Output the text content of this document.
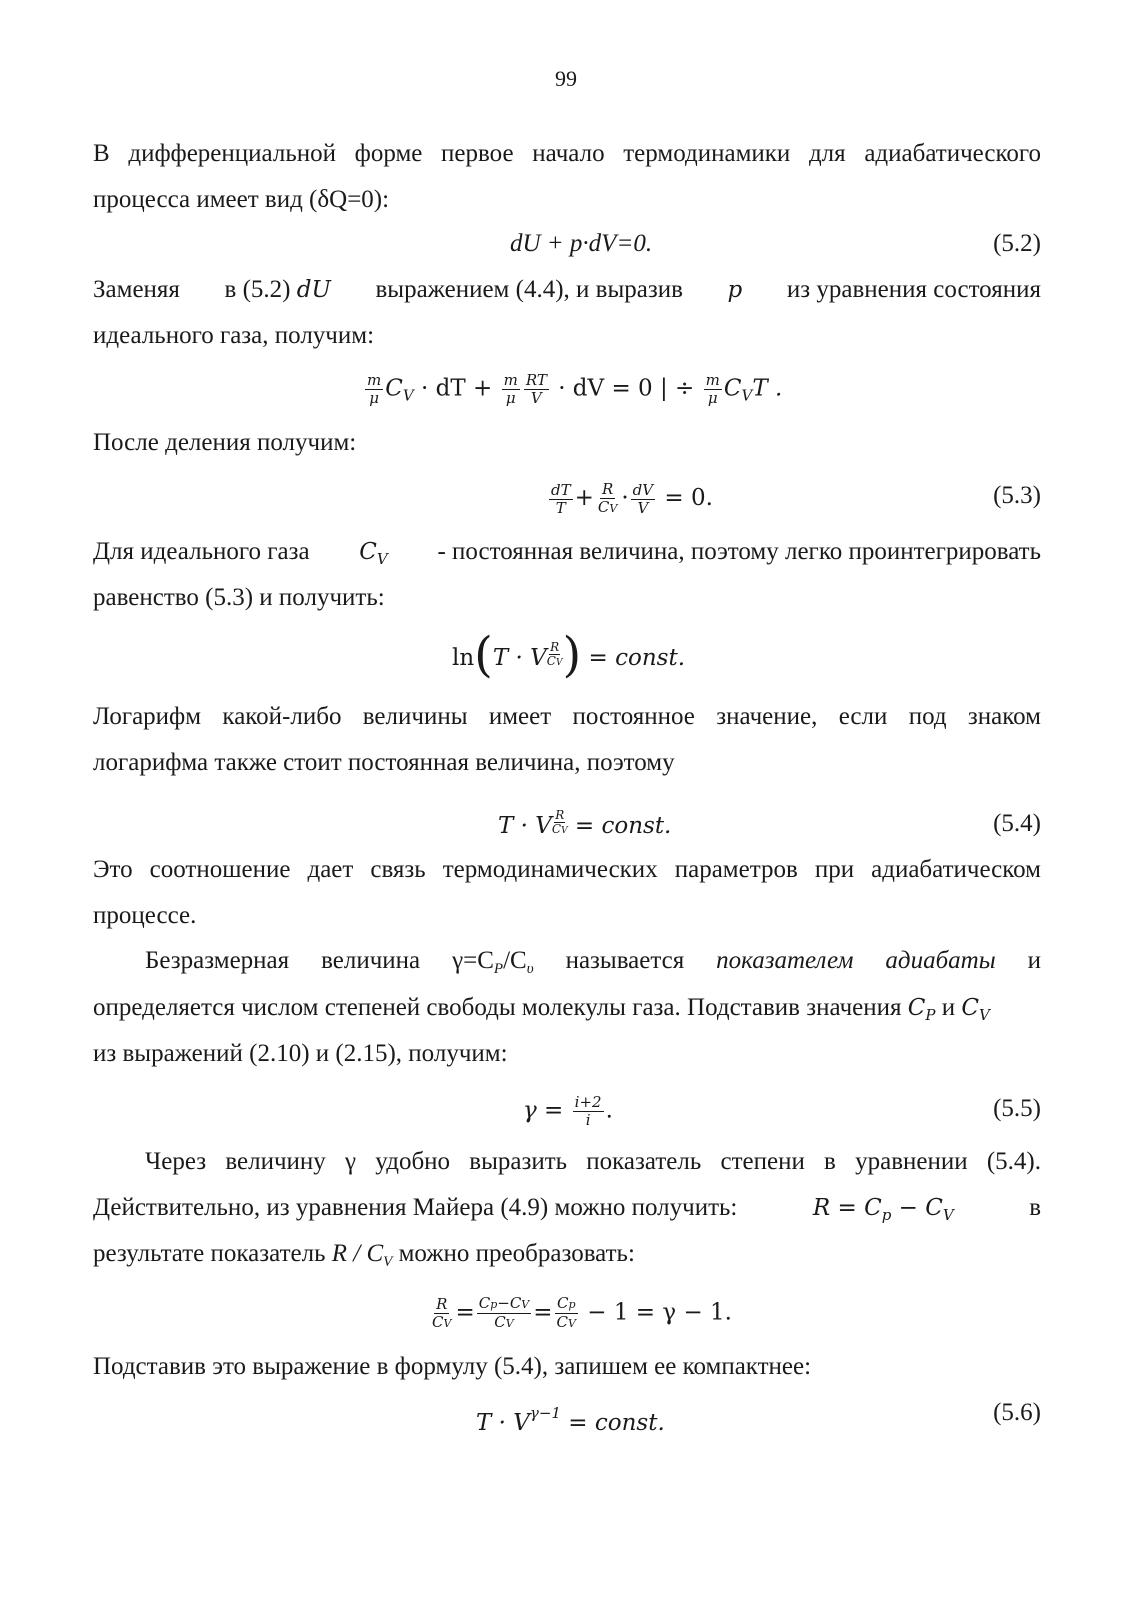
99
В дифференциальной форме первое начало термодинамики для адиабатического
процесса имеет вид (δQ=0):
dU + p·dV=0.	(5.2)
Заменяя в (5.2) dU выражением (4.4), и выразив p из уравнения состояния
идеального газа, получим:
$\frac{m}{\mu} C_V$ · dT + $\frac{m}{\mu} \frac{RT}{V}$ · dV = 0 | ÷ $\frac{m}{\mu} C_VT$ .
После деления получим:
$\frac{dT}{T} + \frac{R}{CV} \cdot \frac{dV}{V} = 0$.	(5.3)
Для идеального газа $C_V$ - постоянная величина, поэтому легко проинтегрировать
равенство (5.3) и получить:
ln(T · V $\frac{R}{CV}$ ) = const.
Логарифм какой-либо величины имеет постоянное значение, если под знаком
логарифма также стоит постоянная величина, поэтому
T · V $\frac{R}{CV}$ = const.	(5.4)
Это соотношение дает связь термодинамических параметров при адиабатическом
процессе.
Безразмерная величина $\gamma=C_P/C_\upsilon$ называется показателем адиабаты и
определяется числом степеней свободы молекулы газа. Подставив значения $C_P$ и $C_V$
из выражений (2.10) и (2.15), получим:
$\gamma = \frac{i+2}{i}$ .	(5.5)
Через величину γ удобно выразить показатель степени в уравнении (5.4).
Действительно, из уравнения Майера (4.9) можно получить:	$R = C_p - C_V$	в
результате показатель R / $C_V$ можно преобразовать:
$\frac{R}{CV} = \frac{Cp-CV}{CV} = \frac{Cp}{CV} - 1 = \gamma - 1$.
Подставив это выражение в формулу (5.4), запишем ее компактнее:
$T \cdot V^{\gamma-1}$ = const.	(5.6)
